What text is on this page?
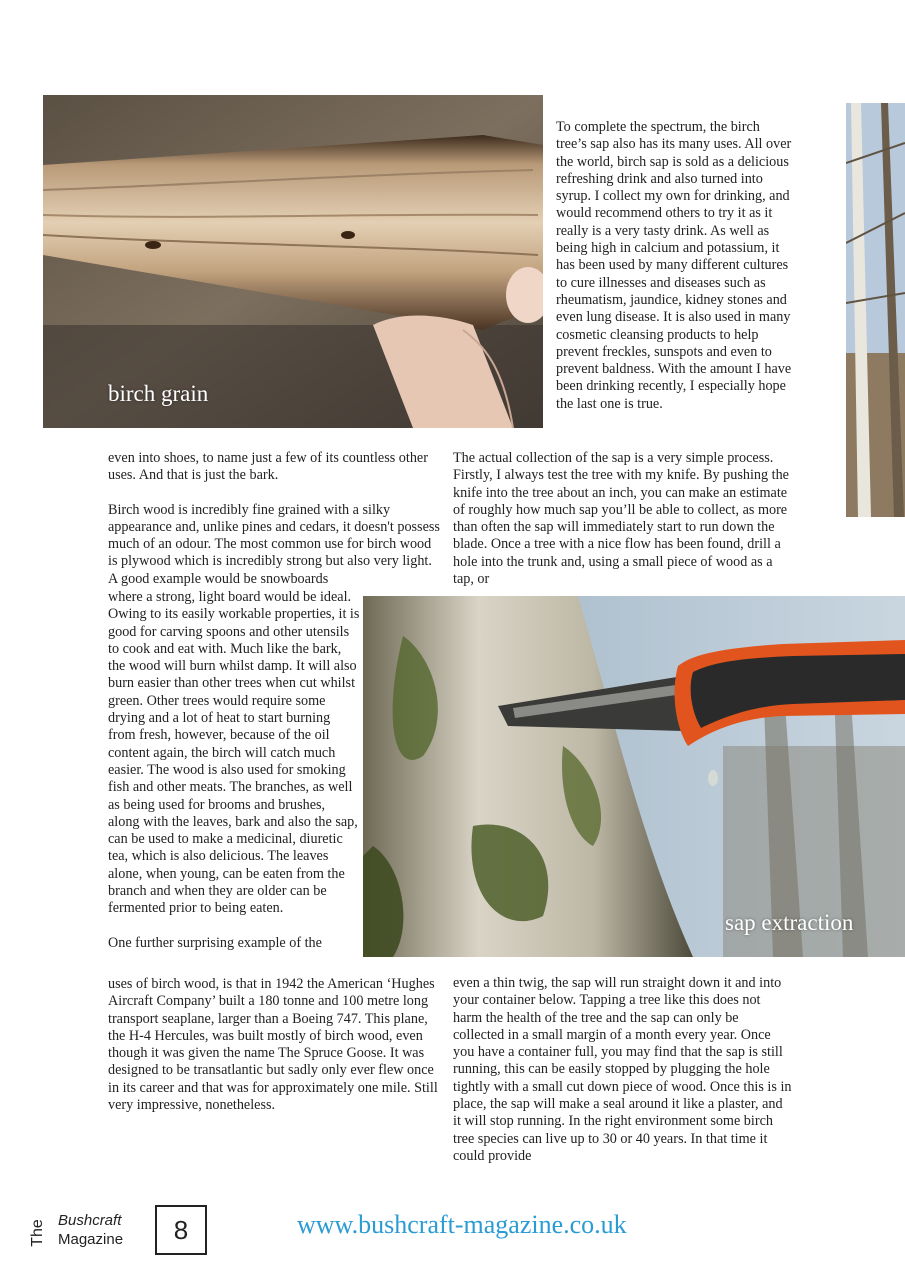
birch grain
To complete the spectrum, the birch tree’s sap also has its many uses. All over the world, birch sap is sold as a delicious refreshing drink and also turned into syrup. I collect my own for drinking, and would recommend others to try it as it really is a very tasty drink. As well as being high in calcium and potassium, it has been used by many different cultures to cure illnesses and diseases such as rheumatism, jaundice, kidney stones and even lung disease. It is also used in many cosmetic cleansing products to help prevent freckles, sunspots and even to prevent baldness. With the amount I have been drinking recently, I especially hope the last one is true.

even into shoes, to name just a few of its countless other uses. And that is just the bark.

Birch wood is incredibly fine grained with a silky appearance and, unlike pines and cedars, it doesn't possess much of an odour. The most common use for birch wood is plywood which is incredibly strong but also very light. A good example would be snowboards

where a strong, light board would be ideal. Owing to its easily workable properties, it is good for carving spoons and other utensils to cook and eat with. Much like the bark, the wood will burn whilst damp. It will also burn easier than other trees when cut whilst green. Other trees would require some drying and a lot of heat to start burning from fresh, however, because of the oil content again, the birch will catch much easier. The wood is also used for smoking fish and other meats. The branches, as well as being used for brooms and brushes, along with the leaves, bark and also the sap, can be used to make a medicinal, diuretic tea, which is also delicious. The leaves alone, when young, can be eaten from the branch and when they are older can be fermented prior to being eaten.

One further surprising example of the

uses of birch wood, is that in 1942 the American ‘Hughes Aircraft Company’ built a 180 tonne and 100 metre long transport seaplane, larger than a Boeing 747. This plane, the H-4 Hercules, was built mostly of birch wood, even though it was given the name The Spruce Goose. It was designed to be transatlantic but sadly only ever flew once in its career and that was for approximately one mile. Still very impressive, nonetheless.

The actual collection of the sap is a very simple process. Firstly, I always test the tree with my knife. By pushing the knife into the tree about an inch, you can make an estimate of roughly how much sap you’ll be able to collect, as more than often the sap will immediately start to run down the blade. Once a tree with a nice flow has been found, drill a hole into the trunk and, using a small piece of wood as a tap, or
sap extraction
even a thin twig, the sap will run straight down it and into your container below. Tapping a tree like this does not harm the health of the tree and the sap can only be collected in a small margin of a month every year. Once you have a container full, you may find that the sap is still running, this can be easily stopped by plugging the hole tightly with a small cut down piece of wood. Once this is in place, the sap will make a seal around it like a plaster, and it will stop running. In the right environment some birch tree species can live up to 30 or 40 years. In that time it could provide
The Bushcraft
Magazine	8	www.bushcraft-magazine.co.uk
